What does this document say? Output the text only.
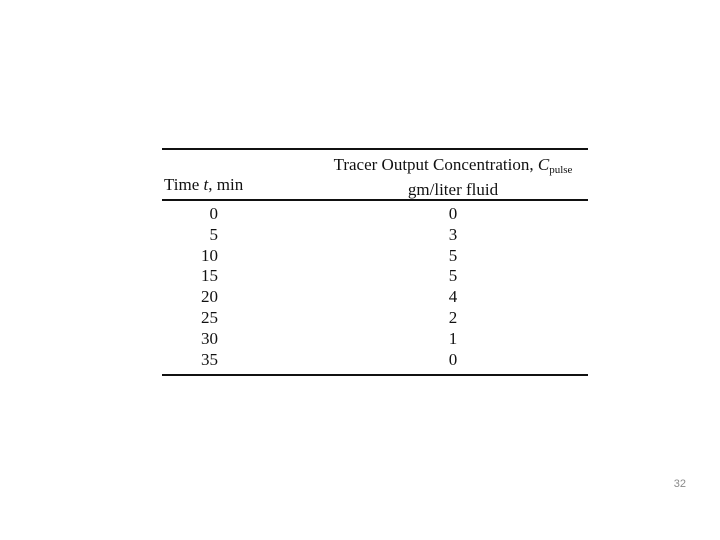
Time t, min
Tracer Output Concentration, $C_{pulse}$
gm/liter fluid
0
5
10
15
20
25
30
35
0
3
5
5
4
2
1
0
32
